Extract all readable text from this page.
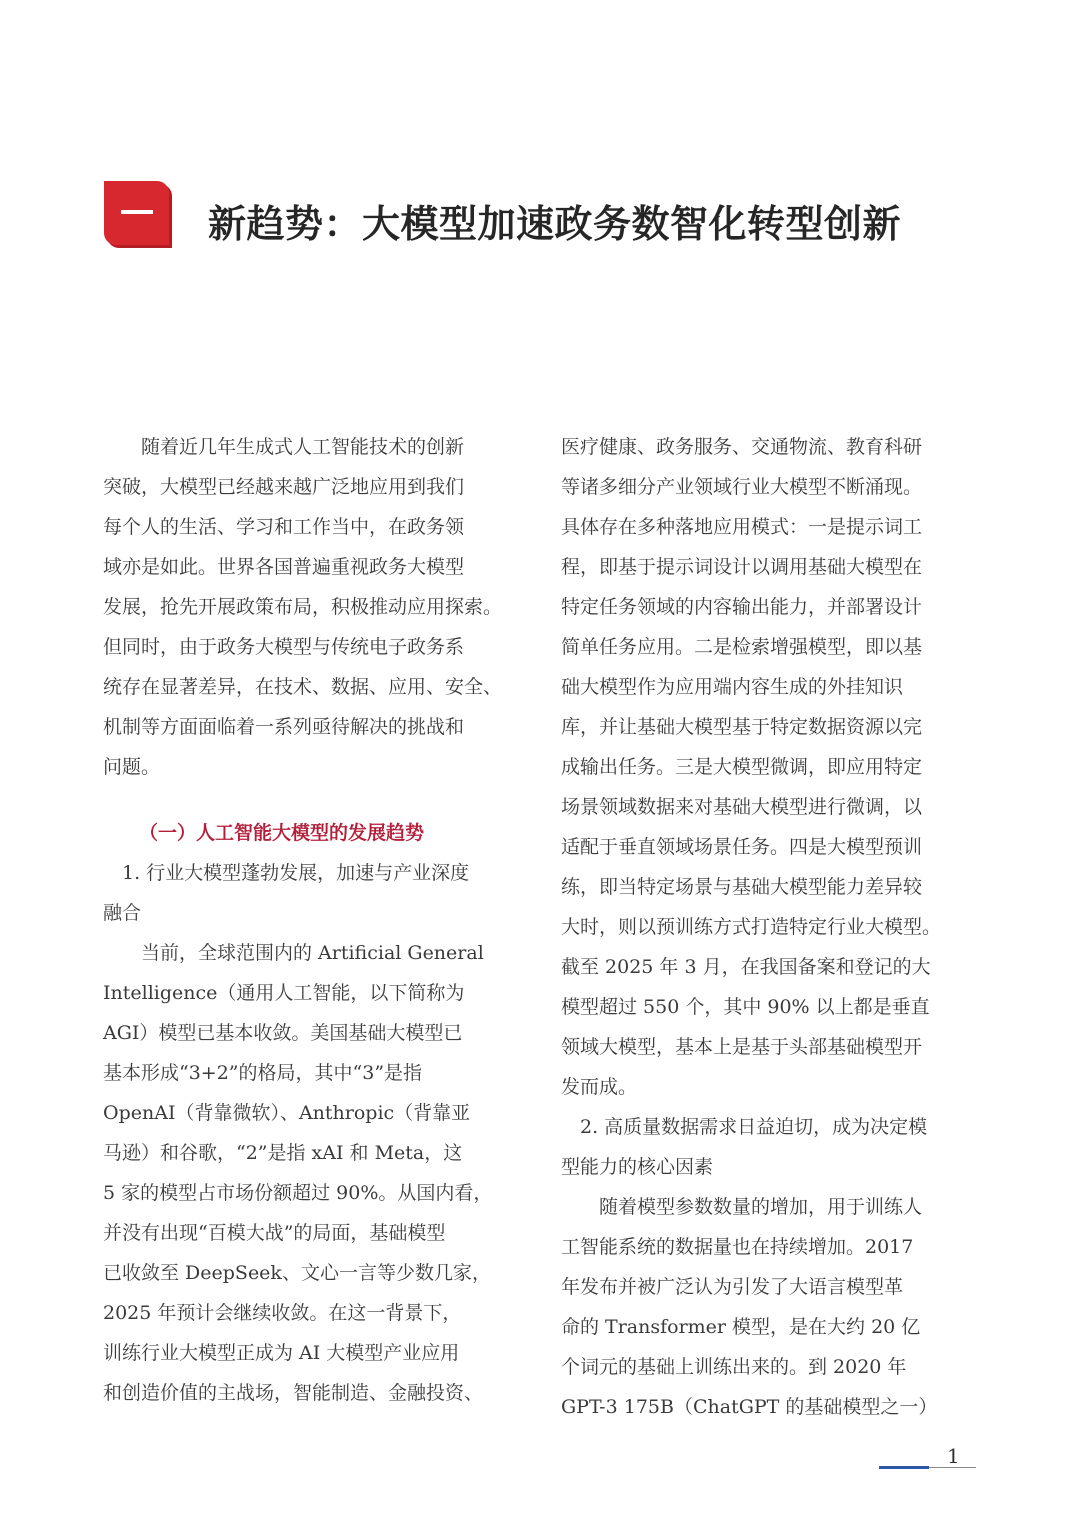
新趋势：大模型加速政务数智化转型创新
　　随着近几年生成式人工智能技术的创新
突破，大模型已经越来越广泛地应用到我们
每个人的生活、学习和工作当中，在政务领
域亦是如此。世界各国普遍重视政务大模型
发展，抢先开展政策布局，积极推动应用探索。
但同时，由于政务大模型与传统电子政务系
统存在显著差异，在技术、数据、应用、安全、
机制等方面面临着一系列亟待解决的挑战和
问题。
（一）人工智能大模型的发展趋势
　1. 行业大模型蓬勃发展，加速与产业深度
融合
　　当前，全球范围内的 Artificial General
Intelligence（通用人工智能，以下简称为
AGI）模型已基本收敛。美国基础大模型已
基本形成“3+2”的格局，其中“3”是指
OpenAI（背靠微软）、Anthropic（背靠亚
马逊）和谷歌，“2”是指 xAI 和 Meta，这
5 家的模型占市场份额超过 90%。从国内看，
并没有出现“百模大战”的局面，基础模型
已收敛至 DeepSeek、文心一言等少数几家，
2025 年预计会继续收敛。在这一背景下，
训练行业大模型正成为 AI 大模型产业应用
和创造价值的主战场，智能制造、金融投资、
医疗健康、政务服务、交通物流、教育科研
等诸多细分产业领域行业大模型不断涌现。
具体存在多种落地应用模式：一是提示词工
程，即基于提示词设计以调用基础大模型在
特定任务领域的内容输出能力，并部署设计
简单任务应用。二是检索增强模型，即以基
础大模型作为应用端内容生成的外挂知识
库，并让基础大模型基于特定数据资源以完
成输出任务。三是大模型微调，即应用特定
场景领域数据来对基础大模型进行微调，以
适配于垂直领域场景任务。四是大模型预训
练，即当特定场景与基础大模型能力差异较
大时，则以预训练方式打造特定行业大模型。
截至 2025 年 3 月，在我国备案和登记的大
模型超过 550 个，其中 90% 以上都是垂直
领域大模型，基本上是基于头部基础模型开
发而成。
　2. 高质量数据需求日益迫切，成为决定模
型能力的核心因素
　　随着模型参数数量的增加，用于训练人
工智能系统的数据量也在持续增加。2017
年发布并被广泛认为引发了大语言模型革
命的 Transformer 模型，是在大约 20 亿
个词元的基础上训练出来的。到 2020 年
GPT-3 175B（ChatGPT 的基础模型之一）
1
